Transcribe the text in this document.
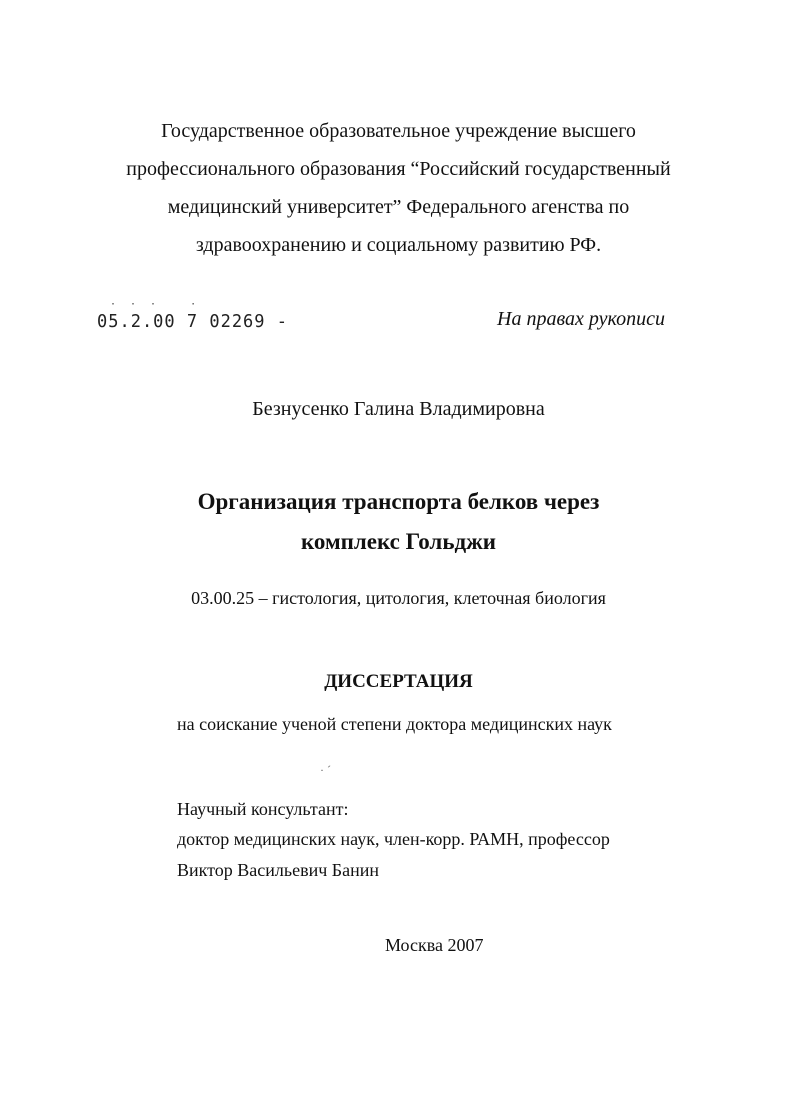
Государственное образовательное учреждение высшего
профессионального образования “Российский государственный
медицинский университет” Федерального агенства по
здравоохранению и социальному развитию РФ.
··· ·
05.2.00 7 02269 -	На правах рукописи
Безнусенко Галина Владимировна
Организация транспорта белков через
комплекс Гольджи
03.00.25 – гистология, цитология, клеточная биология
ДИССЕРТАЦИЯ
на соискание ученой степени доктора медицинских наук
· ´
Научный консультант:
доктор медицинских наук, член-корр. РАМН, профессор
Виктор Васильевич Банин
Москва 2007
